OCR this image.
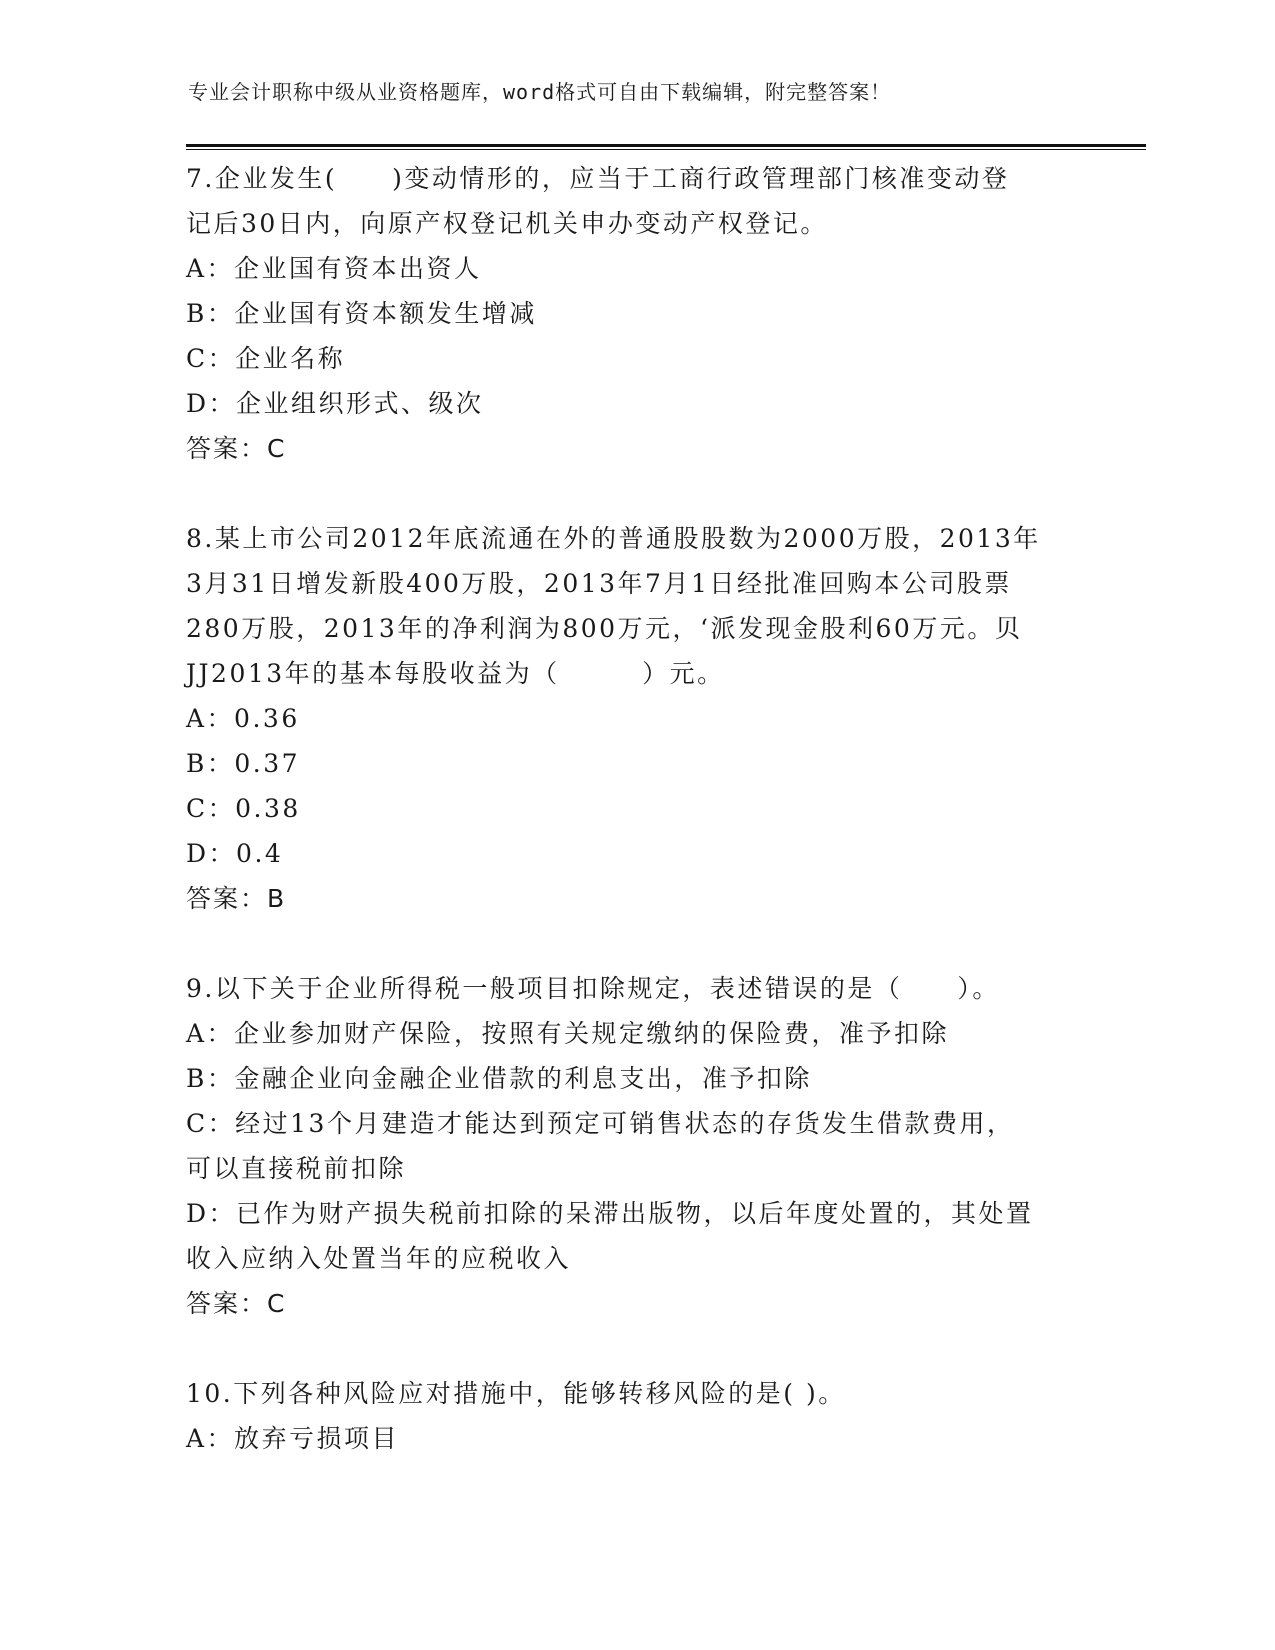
专业会计职称中级从业资格题库，word格式可自由下载编辑，附完整答案！

7.企业发生(　　)变动情形的，应当于工商行政管理部门核准变动登

记后30日内，向原产权登记机关申办变动产权登记。

A：企业国有资本出资人

B：企业国有资本额发生增减

C：企业名称

D：企业组织形式、级次

答案：C

8.某上市公司2012年底流通在外的普通股股数为2000万股，2013年

3月31日增发新股400万股，2013年7月1日经批准回购本公司股票

280万股，2013年的净利润为800万元，‘派发现金股利60万元。贝

JJ2013年的基本每股收益为（　　　）元。

A：0.36

B：0.37

C：0.38

D：0.4

答案：B

9.以下关于企业所得税一般项目扣除规定，表述错误的是（　　）。

A：企业参加财产保险，按照有关规定缴纳的保险费，准予扣除

B：金融企业向金融企业借款的利息支出，准予扣除

C：经过13个月建造才能达到预定可销售状态的存货发生借款费用，

可以直接税前扣除

D：已作为财产损失税前扣除的呆滞出版物，以后年度处置的，其处置

收入应纳入处置当年的应税收入

答案：C

10.下列各种风险应对措施中，能够转移风险的是( )。

A：放弃亏损项目
